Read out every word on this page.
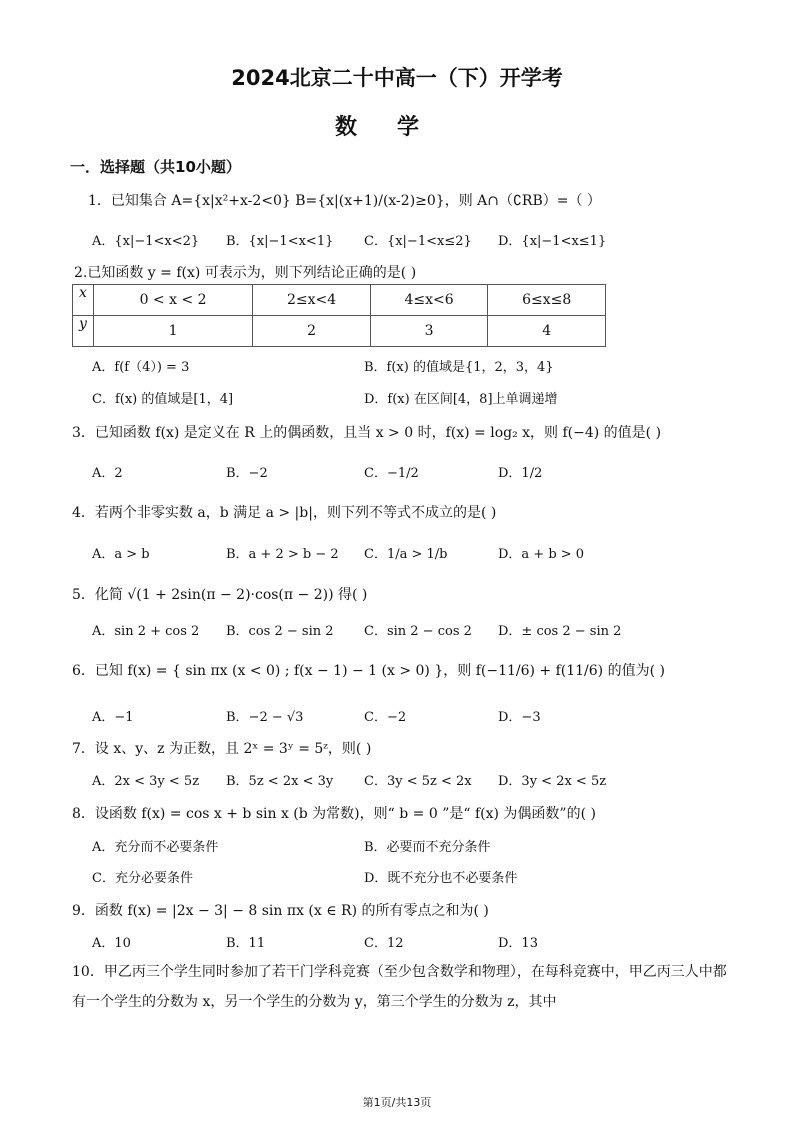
2024北京二十中高一（下）开学考
数学
一．选择题（共10小题）
1．已知集合 A={x|x²+x-2<0} B={x|(x+1)/(x-2)≥0}，则 A∩（∁RB）=（ ）
A．{x|−1<x<2} B．{x|−1<x<1} C．{x|−1<x≤2} D．{x|−1<x≤1}
2.已知函数 y = f(x) 可表示为，则下列结论正确的是( )
x	0 < x < 2	2≤x<4	4≤x<6	6≤x≤8
y	1	2	3	4
A．f(f（4）) = 3	B．f(x) 的值域是{1，2，3，4}
C．f(x) 的值域是[1，4]	D．f(x) 在区间[4，8]上单调递增
3．已知函数 f(x) 是定义在 R 上的偶函数，且当 x > 0 时，f(x) = log₂ x，则 f(−4) 的值是( )
A．2	B．−2	C．−1/2	D．1/2
4．若两个非零实数 a，b 满足 a > |b|，则下列不等式不成立的是( )
A．a > b	B．a + 2 > b − 2 C．1/a > 1/b	D．a + b > 0
5．化简 √(1 + 2sin(π − 2)·cos(π − 2)) 得( )
A．sin 2 + cos 2 B．cos 2 − sin 2 C．sin 2 − cos 2 D．± cos 2 − sin 2
6．已知 f(x) = { sin πx (x < 0) ; f(x − 1) − 1 (x > 0) }，则 f(−11/6) + f(11/6) 的值为( )
A．−1	B．−2 − √3	C．−2	D．−3
7．设 x、y、z 为正数，且 2ˣ = 3ʸ = 5ᶻ，则( )
A．2x < 3y < 5z B．5z < 2x < 3y C．3y < 5z < 2x D．3y < 2x < 5z
8．设函数 f(x) = cos x + b sin x (b 为常数)，则“ b = 0 ”是“ f(x) 为偶函数”的( )
A．充分而不必要条件	B．必要而不充分条件
C．充分必要条件	D．既不充分也不必要条件
9．函数 f(x) = |2x − 3| − 8 sin πx (x ∈ R) 的所有零点之和为( )
A．10	B．11	C．12	D．13
10．甲乙丙三个学生同时参加了若干门学科竞赛（至少包含数学和物理），在每科竞赛中，甲乙丙三人中都有一个学生的分数为 x，另一个学生的分数为 y，第三个学生的分数为 z，其中
第1页/共13页
